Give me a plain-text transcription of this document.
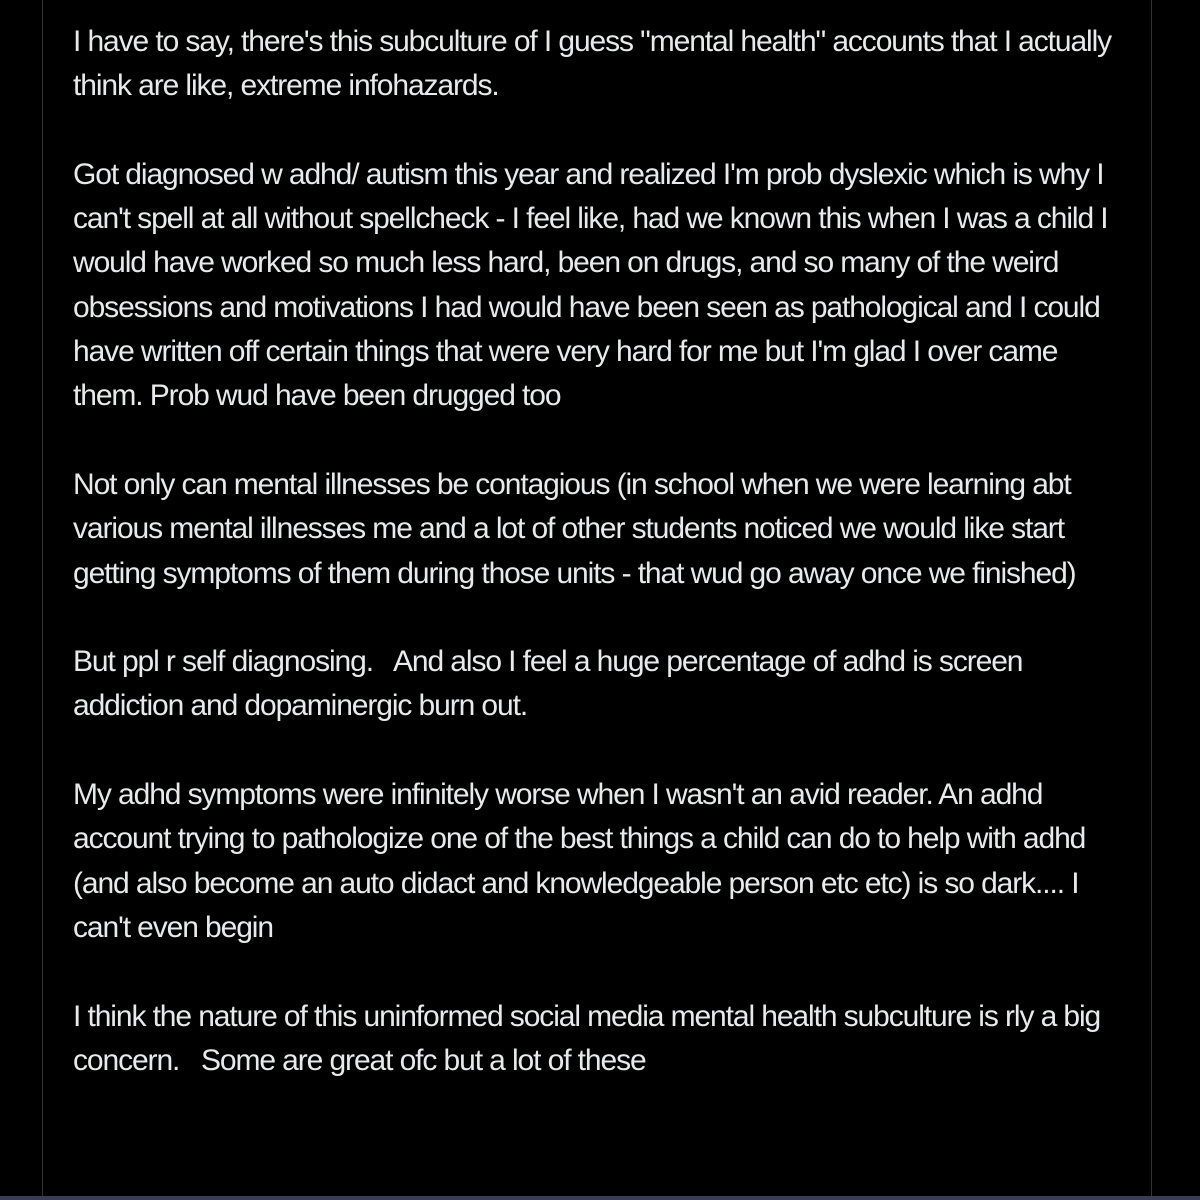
I have to say, there's this subculture of I guess "mental health" accounts that I actually think are like, extreme infohazards.

Got diagnosed w adhd/ autism this year and realized I'm prob dyslexic which is why I can't spell at all without spellcheck - I feel like, had we known this when I was a child I would have worked so much less hard, been on drugs, and so many of the weird obsessions and motivations I had would have been seen as pathological and I could have written off certain things that were very hard for me but I'm glad I over came them. Prob wud have been drugged too

Not only can mental illnesses be contagious (in school when we were learning abt various mental illnesses me and a lot of other students noticed we would like start getting symptoms of them during those units - that wud go away once we finished)

But ppl r self diagnosing.   And also I feel a huge percentage of adhd is screen addiction and dopaminergic burn out.

My adhd symptoms were infinitely worse when I wasn't an avid reader. An adhd account trying to pathologize one of the best things a child can do to help with adhd (and also become an auto didact and knowledgeable person etc etc) is so dark.... I can't even begin

I think the nature of this uninformed social media mental health subculture is rly a big concern.   Some are great ofc but a lot of these
